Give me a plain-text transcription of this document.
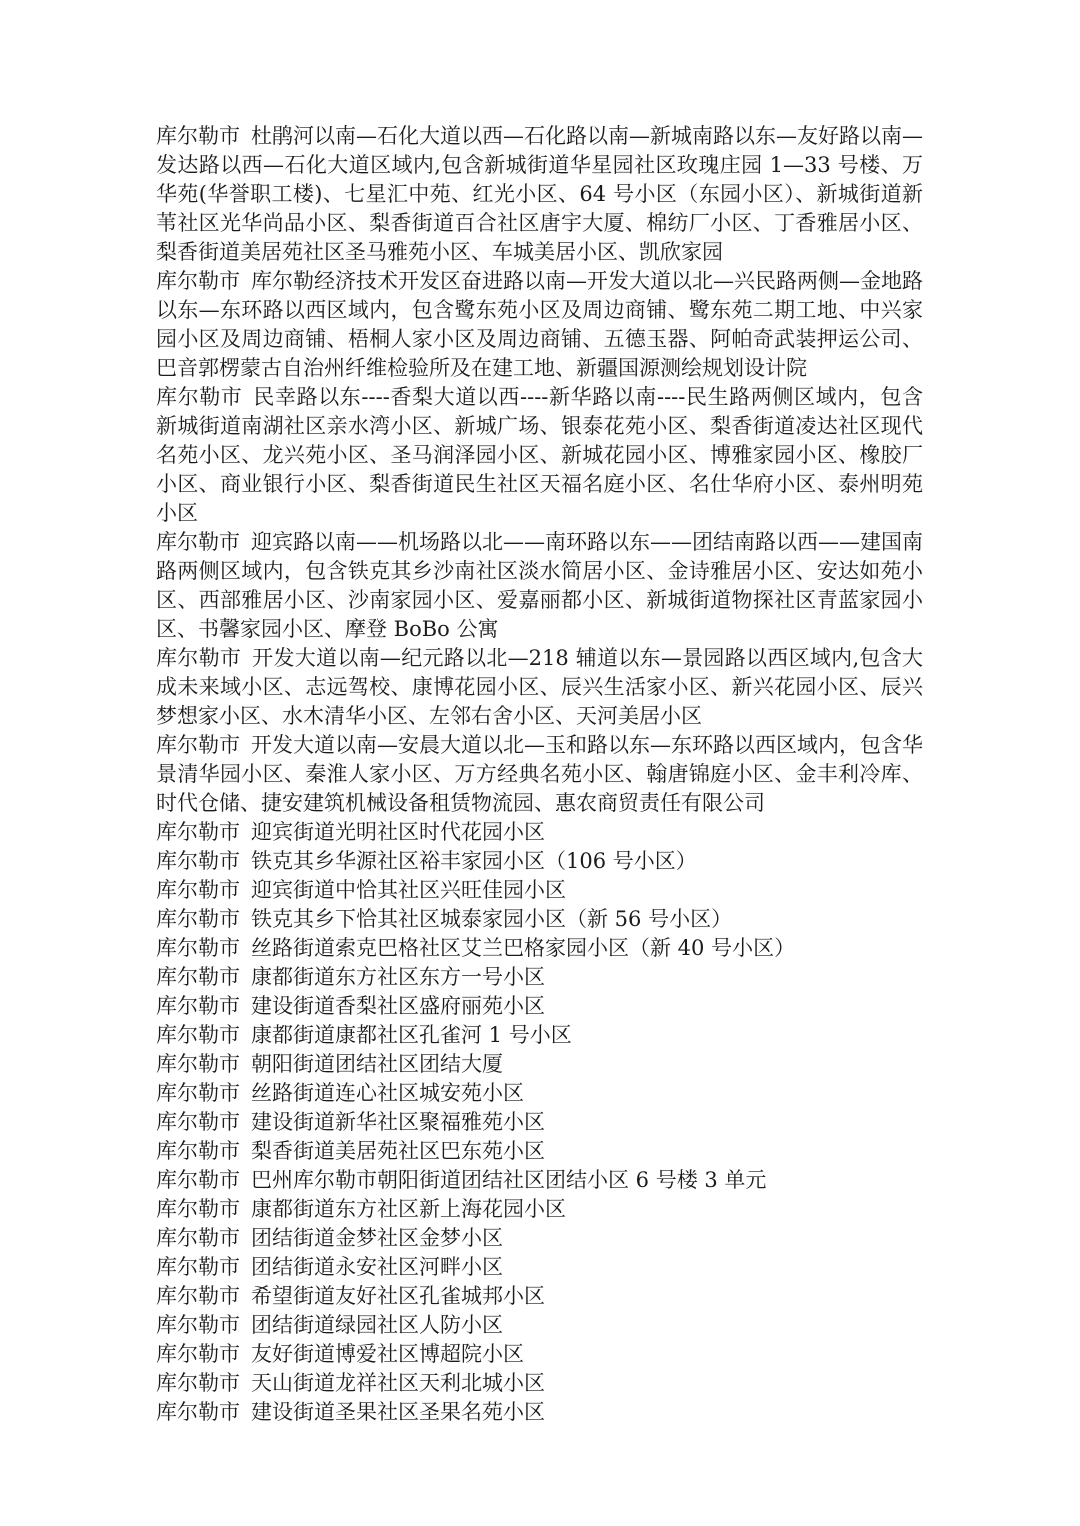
库尔勒市 杜鹃河以南—石化大道以西—石化路以南—新城南路以东—友好路以南—发达路以西—石化大道区域内,包含新城街道华星园社区玫瑰庄园 1—33 号楼、万华苑(华誉职工楼)、七星汇中苑、红光小区、64 号小区（东园小区）、新城街道新苇社区光华尚品小区、梨香街道百合社区唐宇大厦、棉纺厂小区、丁香雅居小区、梨香街道美居苑社区圣马雅苑小区、车城美居小区、凯欣家园

库尔勒市 库尔勒经济技术开发区奋进路以南—开发大道以北—兴民路两侧—金地路以东—东环路以西区域内，包含鹭东苑小区及周边商铺、鹭东苑二期工地、中兴家园小区及周边商铺、梧桐人家小区及周边商铺、五德玉器、阿帕奇武装押运公司、巴音郭楞蒙古自治州纤维检验所及在建工地、新疆国源测绘规划设计院

库尔勒市 民幸路以东----香梨大道以西----新华路以南----民生路两侧区域内，包含新城街道南湖社区亲水湾小区、新城广场、银泰花苑小区、梨香街道凌达社区现代名苑小区、龙兴苑小区、圣马润泽园小区、新城花园小区、博雅家园小区、橡胶厂小区、商业银行小区、梨香街道民生社区天福名庭小区、名仕华府小区、泰州明苑小区

库尔勒市 迎宾路以南——机场路以北——南环路以东——团结南路以西——建国南路两侧区域内，包含铁克其乡沙南社区淡水简居小区、金诗雅居小区、安达如苑小区、西部雅居小区、沙南家园小区、爱嘉丽都小区、新城街道物探社区青蓝家园小区、书馨家园小区、摩登 BoBo 公寓

库尔勒市 开发大道以南—纪元路以北—218 辅道以东—景园路以西区域内,包含大成未来域小区、志远驾校、康博花园小区、辰兴生活家小区、新兴花园小区、辰兴梦想家小区、水木清华小区、左邻右舍小区、天河美居小区

库尔勒市 开发大道以南—安晨大道以北—玉和路以东—东环路以西区域内，包含华景清华园小区、秦淮人家小区、万方经典名苑小区、翰唐锦庭小区、金丰利冷库、时代仓储、捷安建筑机械设备租赁物流园、惠农商贸责任有限公司

库尔勒市 迎宾街道光明社区时代花园小区

库尔勒市 铁克其乡华源社区裕丰家园小区（106 号小区）

库尔勒市 迎宾街道中恰其社区兴旺佳园小区

库尔勒市 铁克其乡下恰其社区城泰家园小区（新 56 号小区）

库尔勒市 丝路街道索克巴格社区艾兰巴格家园小区（新 40 号小区）

库尔勒市 康都街道东方社区东方一号小区

库尔勒市 建设街道香梨社区盛府丽苑小区

库尔勒市 康都街道康都社区孔雀河 1 号小区

库尔勒市 朝阳街道团结社区团结大厦

库尔勒市 丝路街道连心社区城安苑小区

库尔勒市 建设街道新华社区聚福雅苑小区

库尔勒市 梨香街道美居苑社区巴东苑小区

库尔勒市 巴州库尔勒市朝阳街道团结社区团结小区 6 号楼 3 单元

库尔勒市 康都街道东方社区新上海花园小区

库尔勒市 团结街道金梦社区金梦小区

库尔勒市 团结街道永安社区河畔小区

库尔勒市 希望街道友好社区孔雀城邦小区

库尔勒市 团结街道绿园社区人防小区

库尔勒市 友好街道博爱社区博超院小区

库尔勒市 天山街道龙祥社区天利北城小区

库尔勒市 建设街道圣果社区圣果名苑小区
